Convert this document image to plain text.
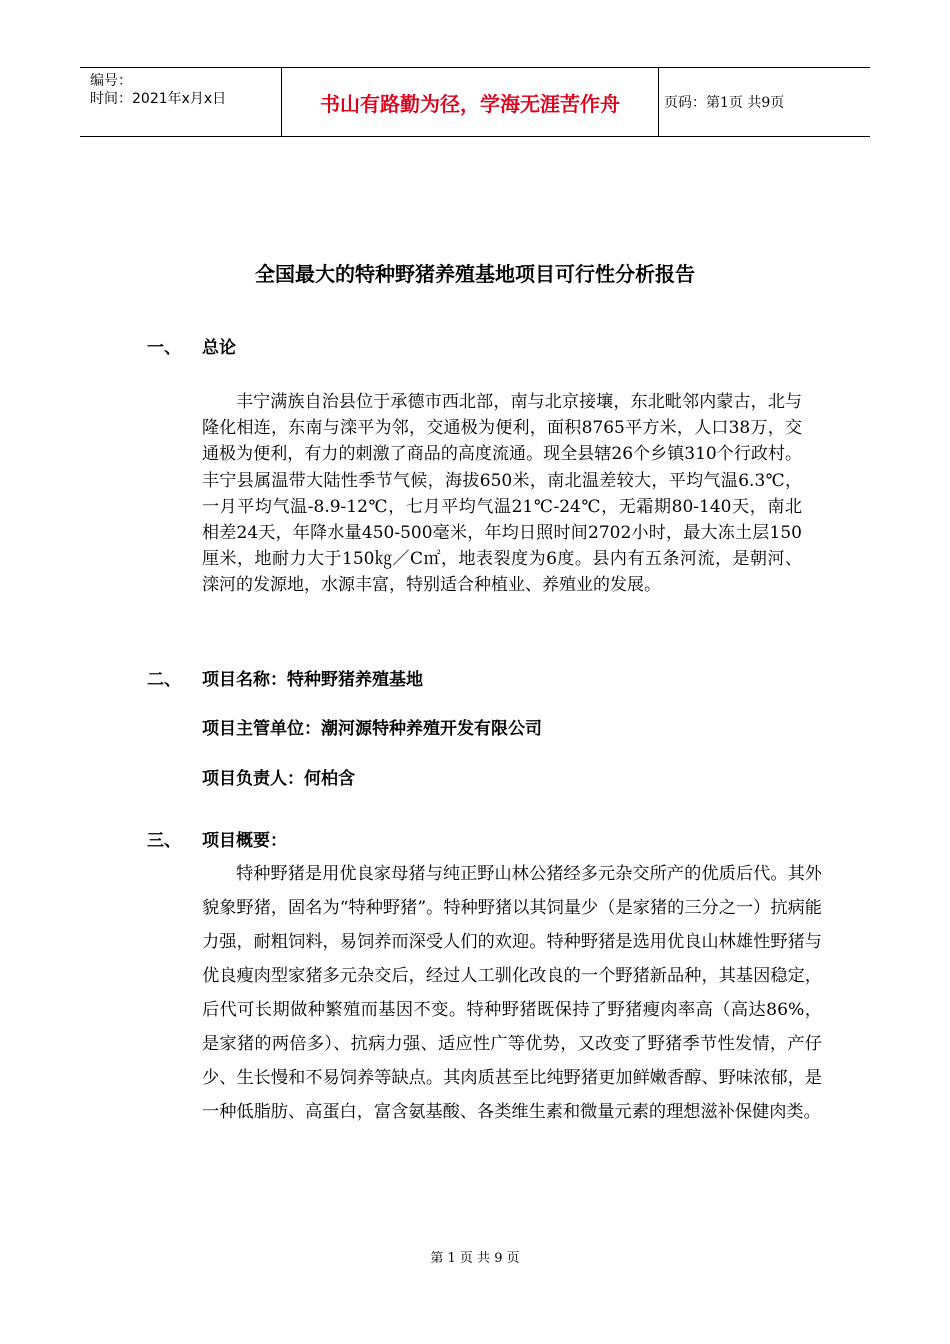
编号：
时间：2021年x月x日	书山有路勤为径，学海无涯苦作舟	页码：第1页 共9页
全国最大的特种野猪养殖基地项目可行性分析报告
一、 总论

丰宁满族自治县位于承德市西北部，南与北京接壤，东北毗邻内蒙古，北与隆化相连，东南与滦平为邻，交通极为便利，面积8765平方米，人口38万，交通极为便利，有力的刺激了商品的高度流通。现全县辖26个乡镇310个行政村。丰宁县属温带大陆性季节气候，海拔650米，南北温差较大，平均气温6.3℃，一月平均气温-8.9-12℃，七月平均气温21℃-24℃，无霜期80-140天，南北相差24天，年降水量450-500毫米，年均日照时间2702小时，最大冻土层150厘米，地耐力大于150㎏／C㎡，地表裂度为6度。县内有五条河流，是朝河、滦河的发源地，水源丰富，特别适合种植业、养殖业的发展。

二、 项目名称：特种野猪养殖基地
项目主管单位：潮河源特种养殖开发有限公司
项目负责人：何柏含
三、 项目概要：

特种野猪是用优良家母猪与纯正野山林公猪经多元杂交所产的优质后代。其外貌象野猪，固名为“特种野猪”。特种野猪以其饲量少（是家猪的三分之一）抗病能力强，耐粗饲料，易饲养而深受人们的欢迎。特种野猪是选用优良山林雄性野猪与优良瘦肉型家猪多元杂交后，经过人工驯化改良的一个野猪新品种，其基因稳定，后代可长期做种繁殖而基因不变。特种野猪既保持了野猪瘦肉率高（高达86%，是家猪的两倍多）、抗病力强、适应性广等优势，又改变了野猪季节性发情，产仔少、生长慢和不易饲养等缺点。其肉质甚至比纯野猪更加鲜嫩香醇、野味浓郁，是一种低脂肪、高蛋白，富含氨基酸、各类维生素和微量元素的理想滋补保健肉类。

第 1 页 共 9 页
